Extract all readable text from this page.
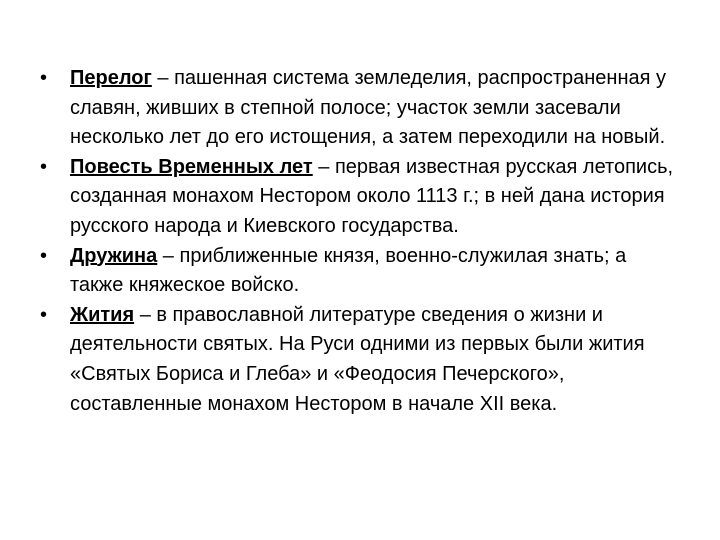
•	Перелог – пашенная система земледелия, распространенная у славян, живших в степной полосе; участок земли засевали несколько лет до его истощения, а затем переходили на новый.
•	Повесть Временных лет – первая известная русская летопись, созданная монахом Нестором около 1113 г.; в ней дана история русского народа и Киевского государства.
•	Дружина – приближенные князя, военно-служилая знать; а также княжеское войско.
•	Жития – в православной литературе сведения о жизни и деятельности святых. На Руси одними из первых были жития «Святых Бориса и Глеба» и «Феодосия Печерского», составленные монахом Нестором в начале XII века.
